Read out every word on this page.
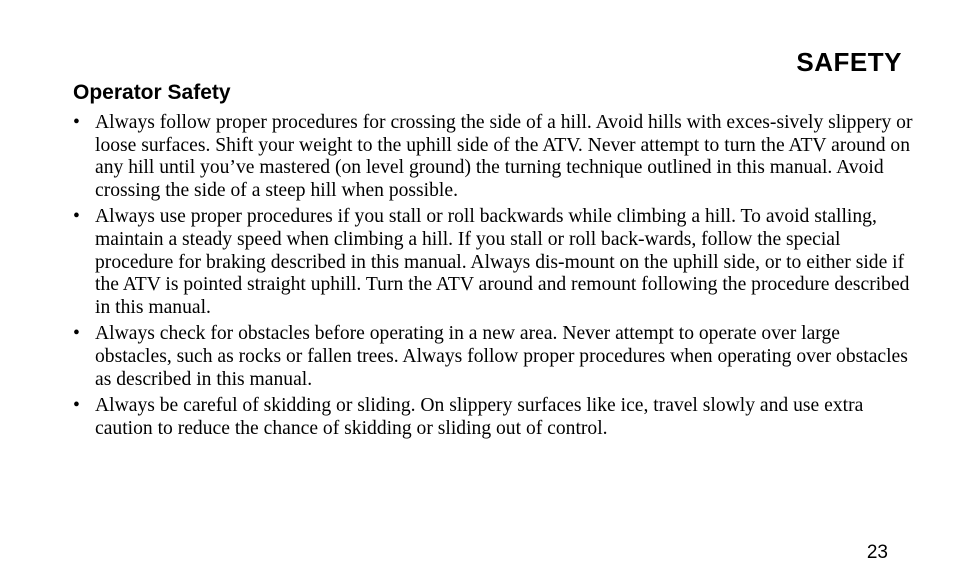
SAFETY
Operator Safety
• Always follow proper procedures for crossing the side of a hill. Avoid hills with exces-sively slippery or loose surfaces. Shift your weight to the uphill side of the ATV. Never attempt to turn the ATV around on any hill until you’ve mastered (on level ground) the turning technique outlined in this manual. Avoid crossing the side of a steep hill when possible.
• Always use proper procedures if you stall or roll backwards while climbing a hill. To avoid stalling, maintain a steady speed when climbing a hill. If you stall or roll back-wards, follow the special procedure for braking described in this manual. Always dis-mount on the uphill side, or to either side if the ATV is pointed straight uphill. Turn the ATV around and remount following the procedure described in this manual.
• Always check for obstacles before operating in a new area. Never attempt to operate over large obstacles, such as rocks or fallen trees. Always follow proper procedures when operating over obstacles as described in this manual.
• Always be careful of skidding or sliding. On slippery surfaces like ice, travel slowly and use extra caution to reduce the chance of skidding or sliding out of control.
23
